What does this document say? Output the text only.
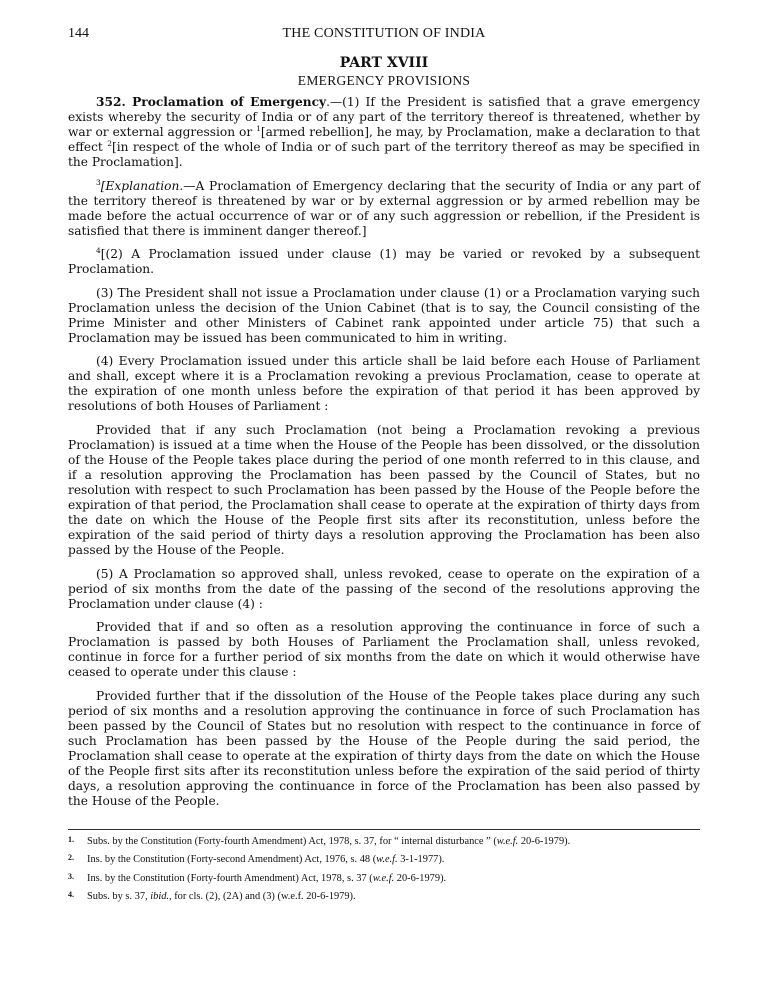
144	THE CONSTITUTION OF INDIA
PART XVIII
EMERGENCY PROVISIONS

352. Proclamation of Emergency.—(1) If the President is satisfied that a grave emergency exists whereby the security of India or of any part of the territory thereof is threatened, whether by war or external aggression or $^1$[armed rebellion], he may, by Proclamation, make a declaration to that effect $^2$[in respect of the whole of India or of such part of the territory thereof as may be specified in the Proclamation].

$^3$[Explanation.—A Proclamation of Emergency declaring that the security of India or any part of the territory thereof is threatened by war or by external aggression or by armed rebellion may be made before the actual occurrence of war or of any such aggression or rebellion, if the President is satisfied that there is imminent danger thereof.]

$^4$[(2) A Proclamation issued under clause (1) may be varied or revoked by a subsequent Proclamation.

(3) The President shall not issue a Proclamation under clause (1) or a Proclamation varying such Proclamation unless the decision of the Union Cabinet (that is to say, the Council consisting of the Prime Minister and other Ministers of Cabinet rank appointed under article 75) that such a Proclamation may be issued has been communicated to him in writing.

(4) Every Proclamation issued under this article shall be laid before each House of Parliament and shall, except where it is a Proclamation revoking a previous Proclamation, cease to operate at the expiration of one month unless before the expiration of that period it has been approved by resolutions of both Houses of Parliament :

Provided that if any such Proclamation (not being a Proclamation revoking a previous Proclamation) is issued at a time when the House of the People has been dissolved, or the dissolution of the House of the People takes place during the period of one month referred to in this clause, and if a resolution approving the Proclamation has been passed by the Council of States, but no resolution with respect to such Proclamation has been passed by the House of the People before the expiration of that period, the Proclamation shall cease to operate at the expiration of thirty days from the date on which the House of the People first sits after its reconstitution, unless before the expiration of the said period of thirty days a resolution approving the Proclamation has been also passed by the House of the People.

(5) A Proclamation so approved shall, unless revoked, cease to operate on the expiration of a period of six months from the date of the passing of the second of the resolutions approving the Proclamation under clause (4) :

Provided that if and so often as a resolution approving the continuance in force of such a Proclamation is passed by both Houses of Parliament the Proclamation shall, unless revoked, continue in force for a further period of six months from the date on which it would otherwise have ceased to operate under this clause :

Provided further that if the dissolution of the House of the People takes place during any such period of six months and a resolution approving the continuance in force of such Proclamation has been passed by the Council of States but no resolution with respect to the continuance in force of such Proclamation has been passed by the House of the People during the said period, the Proclamation shall cease to operate at the expiration of thirty days from the date on which the House of the People first sits after its reconstitution unless before the expiration of the said period of thirty days, a resolution approving the continuance in force of the Proclamation has been also passed by the House of the People.

1. Subs. by the Constitution (Forty-fourth Amendment) Act, 1978, s. 37, for “ internal disturbance ” (w.e.f. 20-6-1979).
2. Ins. by the Constitution (Forty-second Amendment) Act, 1976, s. 48 (w.e.f. 3-1-1977).
3. Ins. by the Constitution (Forty-fourth Amendment) Act, 1978, s. 37 (w.e.f. 20-6-1979).
4. Subs. by s. 37, ibid., for cls. (2), (2A) and (3) (w.e.f. 20-6-1979).
